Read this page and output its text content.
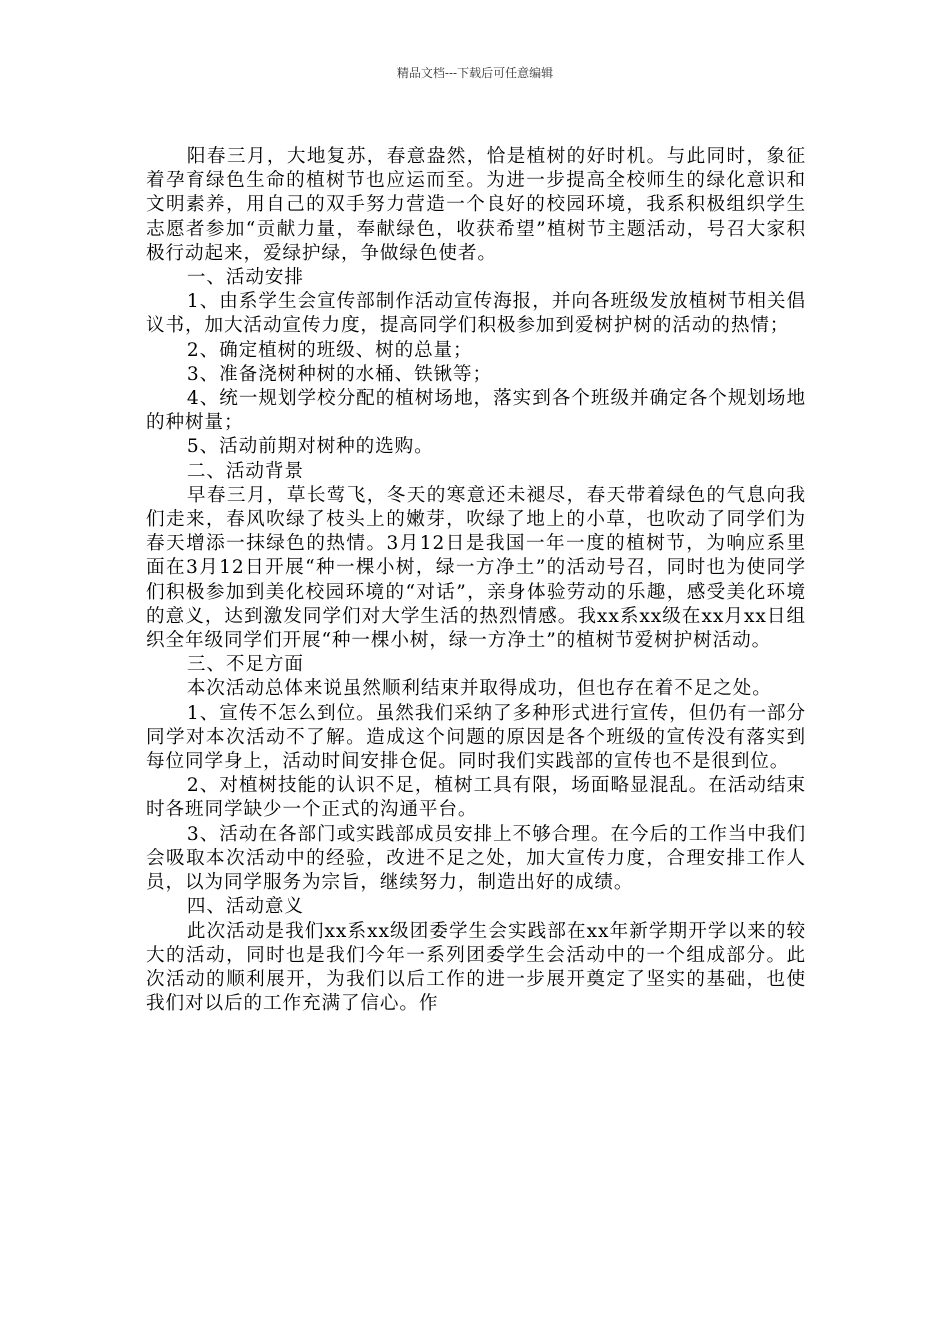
精品文档---下载后可任意编辑

阳春三月，大地复苏，春意盎然，恰是植树的好时机。与此同时，象征着孕育绿色生命的植树节也应运而至。为进一步提高全校师生的绿化意识和文明素养，用自己的双手努力营造一个良好的校园环境，我系积极组织学生志愿者参加“贡献力量，奉献绿色，收获希望”植树节主题活动，号召大家积极行动起来，爱绿护绿，争做绿色使者。

一、活动安排

1、由系学生会宣传部制作活动宣传海报，并向各班级发放植树节相关倡议书，加大活动宣传力度，提高同学们积极参加到爱树护树的活动的热情；

2、确定植树的班级、树的总量；

3、准备浇树种树的水桶、铁锹等；

4、统一规划学校分配的植树场地，落实到各个班级并确定各个规划场地的种树量；

5、活动前期对树种的选购。

二、活动背景

早春三月，草长莺飞，冬天的寒意还未褪尽，春天带着绿色的气息向我们走来，春风吹绿了枝头上的嫩芽，吹绿了地上的小草，也吹动了同学们为春天增添一抹绿色的热情。3月12日是我国一年一度的植树节，为响应系里面在3月12日开展“种一棵小树，绿一方净土”的活动号召，同时也为使同学们积极参加到美化校园环境的“对话”，亲身体验劳动的乐趣，感受美化环境的意义，达到激发同学们对大学生活的热烈情感。我xx系xx级在xx月xx日组织全年级同学们开展“种一棵小树，绿一方净土”的植树节爱树护树活动。

三、不足方面

本次活动总体来说虽然顺利结束并取得成功，但也存在着不足之处。

1、宣传不怎么到位。虽然我们采纳了多种形式进行宣传，但仍有一部分同学对本次活动不了解。造成这个问题的原因是各个班级的宣传没有落实到每位同学身上，活动时间安排仓促。同时我们实践部的宣传也不是很到位。

2、对植树技能的认识不足，植树工具有限，场面略显混乱。在活动结束时各班同学缺少一个正式的沟通平台。

3、活动在各部门或实践部成员安排上不够合理。在今后的工作当中我们会吸取本次活动中的经验，改进不足之处，加大宣传力度，合理安排工作人员，以为同学服务为宗旨，继续努力，制造出好的成绩。

四、活动意义

此次活动是我们xx系xx级团委学生会实践部在xx年新学期开学以来的较大的活动，同时也是我们今年一系列团委学生会活动中的一个组成部分。此次活动的顺利展开，为我们以后工作的进一步展开奠定了坚实的基础，也使我们对以后的工作充满了信心。作
